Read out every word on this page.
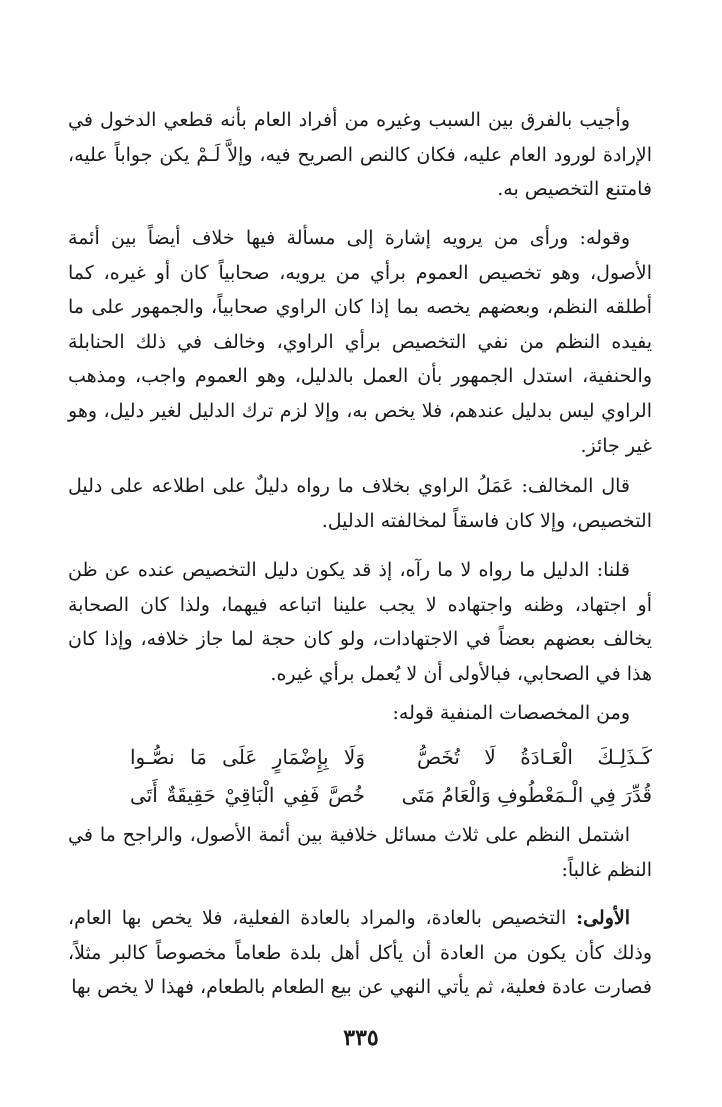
وأجيب بالفرق بين السبب وغيره من أفراد العام بأنه قطعي الدخول في الإرادة لورود العام عليه، فكان كالنص الصريح فيه، وإلاَّ لَـمْ يكن جواباً عليه، فامتنع التخصيص به.

وقوله: ورأى من يرويه إشارة إلى مسألة فيها خلاف أيضاً بين أئمة الأصول، وهو تخصيص العموم برأي من يرويه، صحابياً كان أو غيره، كما أطلقه النظم، وبعضهم يخصه بما إذا كان الراوي صحابياً، والجمهور على ما يفيده النظم من نفي التخصيص برأي الراوي، وخالف في ذلك الحنابلة والحنفية، استدل الجمهور بأن العمل بالدليل، وهو العموم واجب، ومذهب الراوي ليس بدليل عندهم، فلا يخص به، وإلا لزم ترك الدليل لغير دليل، وهو غير جائز.

قال المخالف: عَمَلُ الراوي بخلاف ما رواه دليلٌ على اطلاعه على دليل التخصيص، وإلا كان فاسقاً لمخالفته الدليل.

قلنا: الدليل ما رواه لا ما رآه، إذ قد يكون دليل التخصيص عنده عن ظن أو اجتهاد، وظنه واجتهاده لا يجب علينا اتباعه فيهما، ولذا كان الصحابة يخالف بعضهم بعضاً في الاجتهادات، ولو كان حجة لما جاز خلافه، وإذا كان هذا في الصحابي، فبالأولى أن لا يُعمل برأي غيره.

ومن المخصصات المنفية قوله:

كَـذَلِـكَ الْعَـادَةُ لَا تُخَصُّ
وَلَا بِإِضْمَارٍ عَلَى مَا نصُّـوا
قُدِّرَ فِي الْـمَعْطُوفِ وَالْعَامُ مَتَى
خُصَّ فَفِي الْبَاقِيْ حَقِيقَةٌ أَتَى

اشتمل النظم على ثلاث مسائل خلافية بين أئمة الأصول، والراجح ما في النظم غالباً:

الأولى: التخصيص بالعادة، والمراد بالعادة الفعلية، فلا يخص بها العام، وذلك كأن يكون من العادة أن يأكل أهل بلدة طعاماً مخصوصاً كالبر مثلاً، فصارت عادة فعلية، ثم يأتي النهي عن بيع الطعام بالطعام، فهذا لا يخص بها

٣٣٥
